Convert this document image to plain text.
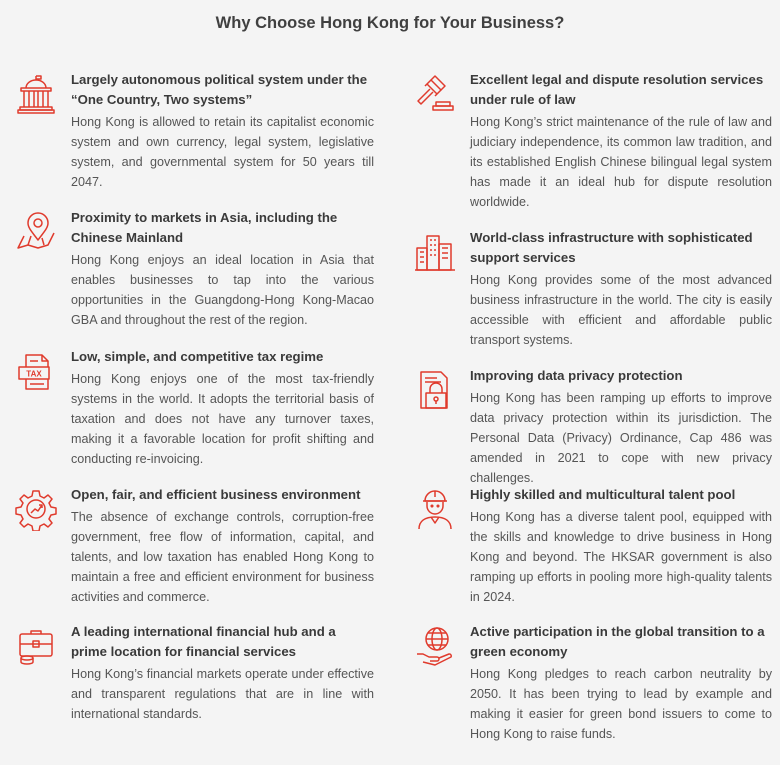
Why Choose Hong Kong for Your Business?
Largely autonomous political system under the “One Country, Two systems”
Hong Kong is allowed to retain its capitalist economic system and own currency, legal system, legislative system, and governmental system for 50 years till 2047.
Proximity to markets in Asia, including the Chinese Mainland
Hong Kong enjoys an ideal location in Asia that enables businesses to tap into the various opportunities in the Guangdong-Hong Kong-Macao GBA and throughout the rest of the region.
TAX
Low, simple, and competitive tax regime
Hong Kong enjoys one of the most tax-friendly systems in the world. It adopts the territorial basis of taxation and does not have any turnover taxes, making it a favorable location for profit shifting and conducting re-invoicing.
Open, fair, and efficient business environment
The absence of exchange controls, corruption-free government, free flow of information, capital, and talents, and low taxation has enabled Hong Kong to maintain a free and efficient environment for business activities and commerce.
A leading international financial hub and a prime location for financial services
Hong Kong’s financial markets operate under effective and transparent regulations that are in line with international standards.
Excellent legal and dispute resolution services under rule of law
Hong Kong’s strict maintenance of the rule of law and judiciary independence, its common law tradition, and its established English Chinese bilingual legal system has made it an ideal hub for dispute resolution worldwide.
World-class infrastructure with sophisticated support services
Hong Kong provides some of the most advanced business infrastructure in the world. The city is easily accessible with efficient and affordable public transport systems.
Improving data privacy protection
Hong Kong has been ramping up efforts to improve data privacy protection within its jurisdiction. The Personal Data (Privacy) Ordinance, Cap 486 was amended in 2021 to cope with new privacy challenges.
Highly skilled and multicultural talent pool
Hong Kong has a diverse talent pool, equipped with the skills and knowledge to drive business in Hong Kong and beyond. The HKSAR government is also ramping up efforts in pooling more high-quality talents in 2024.
Active participation in the global transition to a green economy
Hong Kong pledges to reach carbon neutrality by 2050. It has been trying to lead by example and making it easier for green bond issuers to come to Hong Kong to raise funds.
